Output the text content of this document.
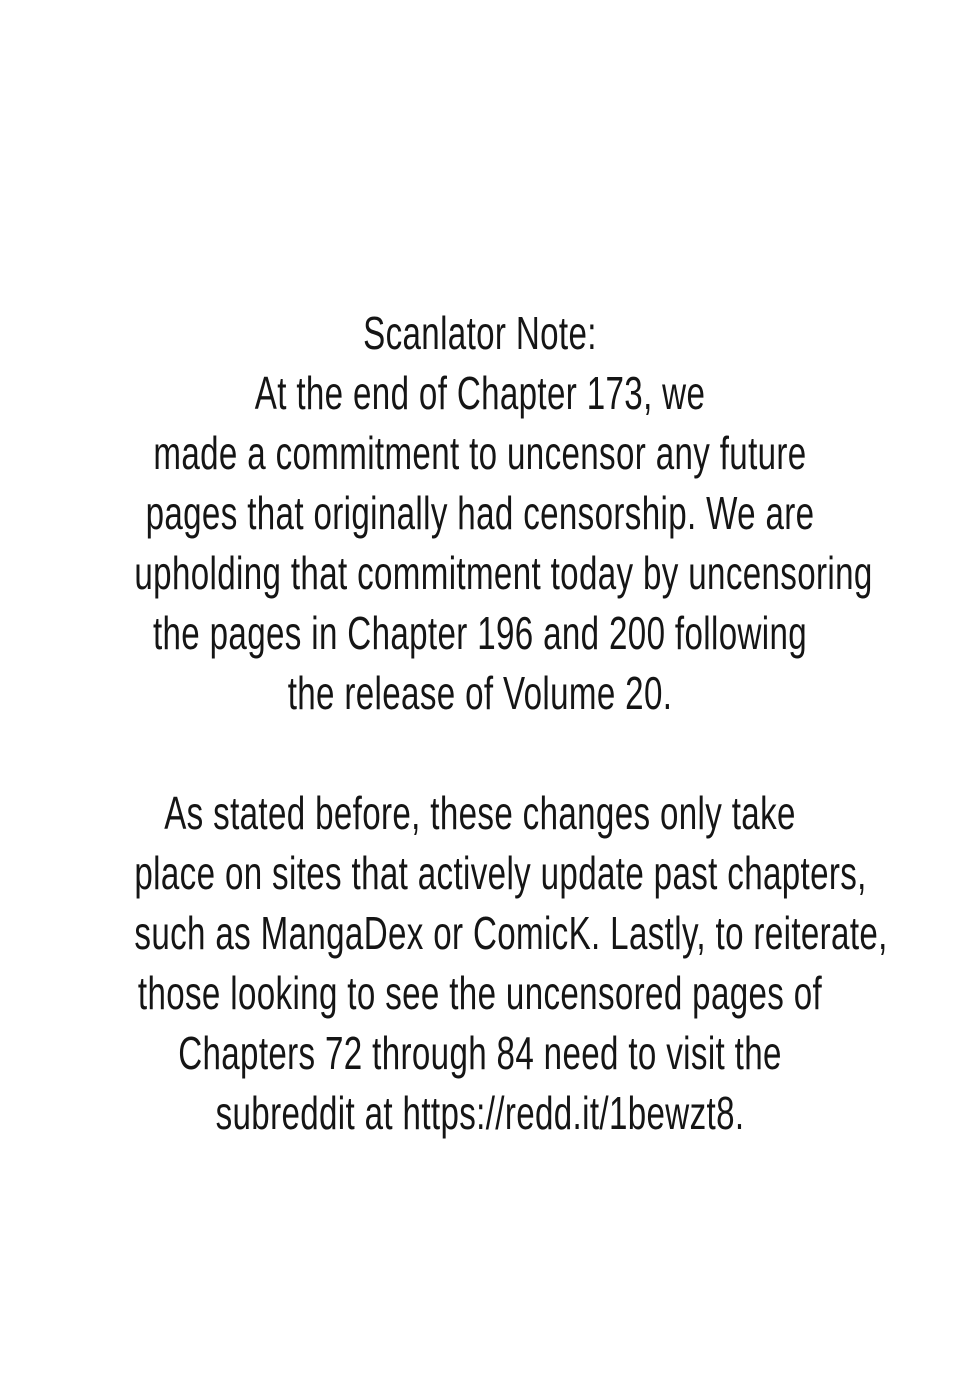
Scanlator Note:
At the end of Chapter 173, we
made a commitment to uncensor any future
pages that originally had censorship. We are
upholding that commitment today by uncensoring
the pages in Chapter 196 and 200 following
the release of Volume 20.
As stated before, these changes only take
place on sites that actively update past chapters,
such as MangaDex or ComicK. Lastly, to reiterate,
those looking to see the uncensored pages of
Chapters 72 through 84 need to visit the
subreddit at https://redd.it/1bewzt8.
